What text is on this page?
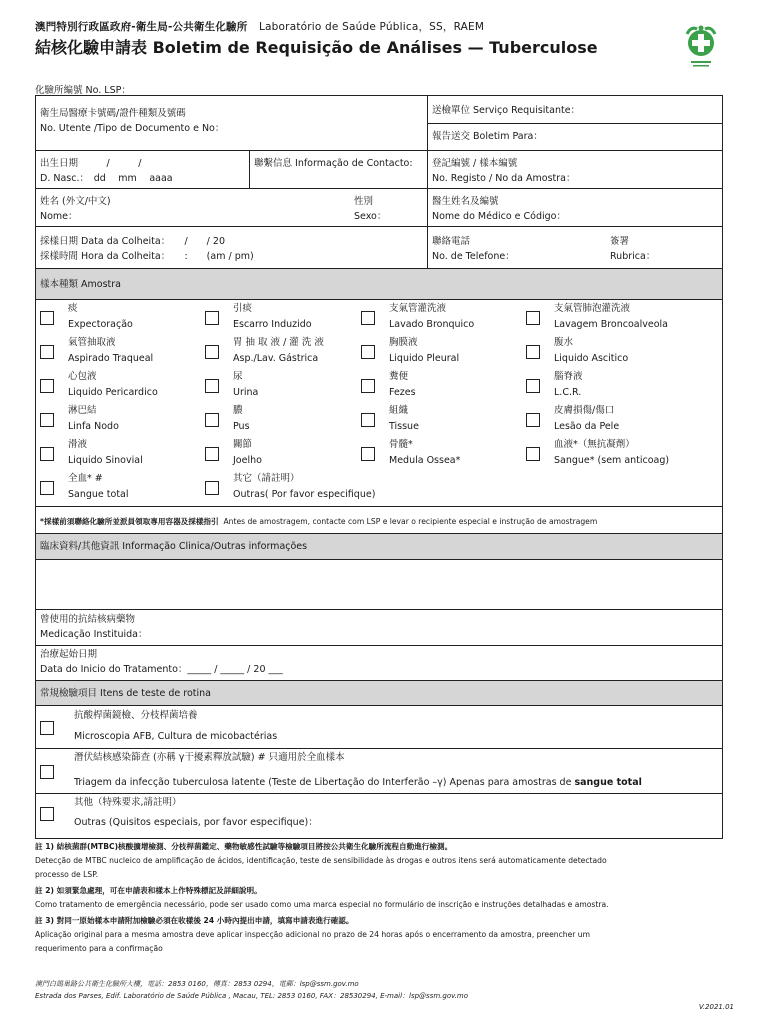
澳門特別行政區政府-衛生局-公共衛生化驗所 Laboratório de Saúde Pública，SS，RAEM
結核化驗申請表 Boletim de Requisição de Análises — Tuberculose
化驗所編號 No. LSP：
衛生局醫療卡號碼/證件種類及號碼
No. Utente /Tipo de Documento e No：
送檢單位 Serviço Requisitante：
報告送交 Boletim Para：
出生日期　　　/　　　/
D. Nasc.：　dd　 mm　 aaaa
聯繫信息 Informação de Contacto:	登記編號 / 樣本編號
No. Registo / No da Amostra：
姓名 (外文/中文)
Nome：
性別
Sexo：
醫生姓名及編號
Nome do Médico e Código：
採樣日期 Data da Colheita：　　/　　/ 20
採樣時間 Hora da Colheita：　　:　　(am / pm)
聯絡電話
No. de Telefone：
簽署
Rubrica：
樣本種類 Amostra
痰
Expectoração
引痰
Escarro Induzido
支氣管灌洗液
Lavado Bronquico
支氣管肺泡灌洗液
Lavagem Broncoalveola
氣管抽取液
Aspirado Traqueal
胃 抽 取 液 / 灌 洗 液
Asp./Lav. Gástrica
胸膜液
Liquido Pleural
腹水
Liquido Ascitico
心包液
Liquido Pericardico
尿
Urina
糞便
Fezes
腦脊液
L.C.R.
淋巴結
Linfa Nodo
膿
Pus
組織
Tissue
皮膚損傷/傷口
Lesão da Pele
滑液
Liquido Sinovial
關節
Joelho
骨髓*
Medula Ossea*
血液*（無抗凝劑）
Sangue* (sem anticoag)
全血* #
Sangue total
其它（請註明）
Outras( Por favor especifique)
*採樣前須聯絡化驗所並派員領取專用容器及採樣指引 Antes de amostragem, contacte com LSP e levar o recipiente especial e instrução de amostragem
臨床資料/其他資訊 Informação Clinica/Outras informações
曾使用的抗結核病藥物
Medicação Instituida：
治療起始日期
Data do Inicio do Tratamento：_____ / _____ / 20 ___
常規檢驗項目 Itens de teste de rotina
抗酸桿菌鏡檢、分枝桿菌培養
Microscopia AFB, Cultura de micobactérias
潛伏結核感染篩查 (亦稱 γ干擾素釋放試驗) # 只適用於全血樣本
Triagem da infecção tuberculosa latente (Teste de Libertação do Interferão –γ) Apenas para amostras de sangue total
其他（特殊要求,請註明）
Outras (Quisitos especiais, por favor especifique)：
註 1) 結核菌群(MTBC)核酸擴增檢測、分枝桿菌鑑定、藥物敏感性試驗等檢驗項目將按公共衛生化驗所流程自動進行檢測。
Detecção de MTBC nucleico de amplificação de ácidos, identificação, teste de sensibilidade às drogas e outros itens será automaticamente detectado
processo de LSP.
註 2) 如須緊急處理，可在申請表和樣本上作特殊標記及詳細說明。
Como tratamento de emergência necessário, pode ser usado como uma marca especial no formulário de inscrição e instruções detalhadas e amostra.
註 3) 對同一原始樣本申請附加檢驗必須在收樣後 24 小時內提出申請，填寫申請表進行確認。
Aplicação original para a mesma amostra deve aplicar inspecção adicional no prazo de 24 horas após o encerramento da amostra, preencher um
requerimento para a confirmação
澳門白鴿巢路公共衛生化驗所大樓，電話：2853 0160，傳真：2853 0294，電郵：lsp@ssm.gov.mo
Estrada dos Parses, Edif. Laboratório de Saúde Pública , Macau, TEL: 2853 0160, FAX：28530294, E-mail：lsp@ssm.gov.mo
V.2021.01
